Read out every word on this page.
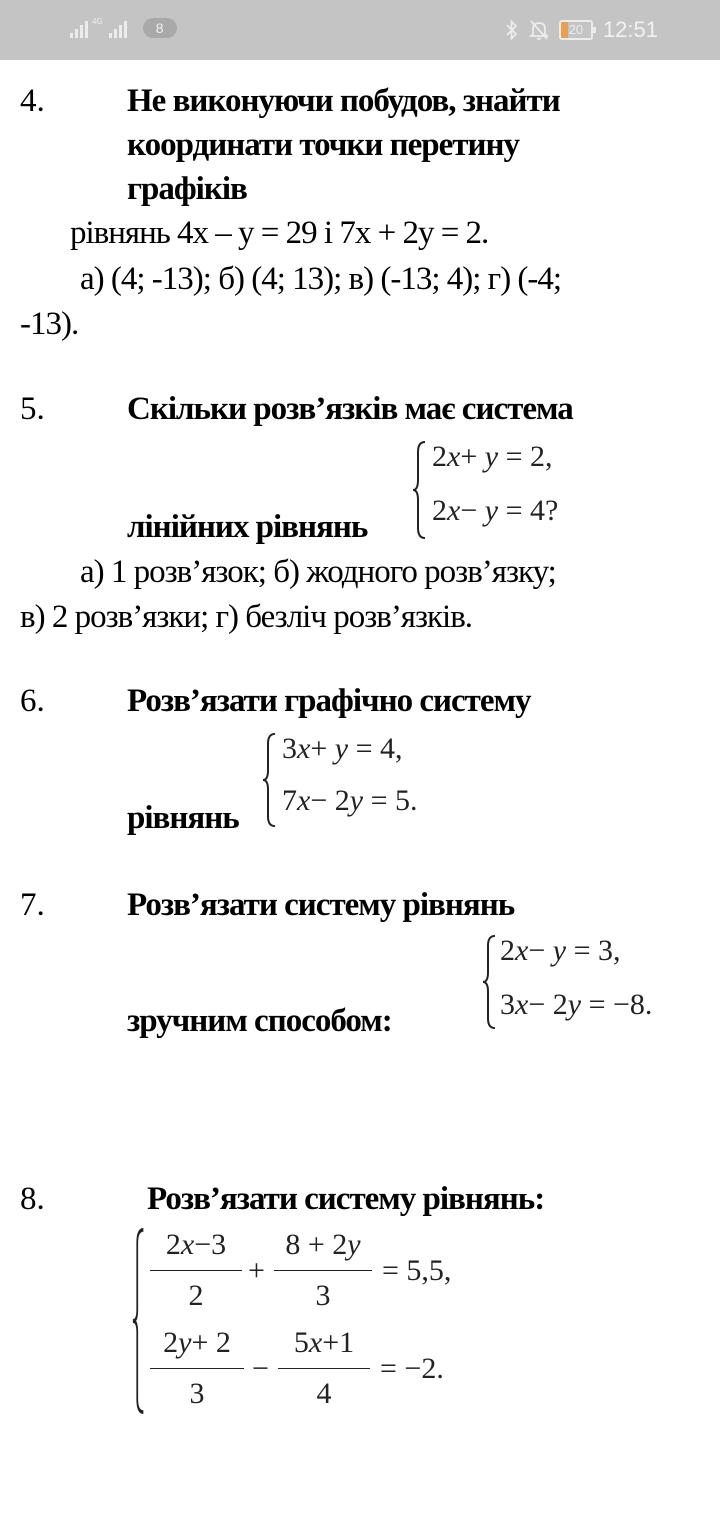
4G	8	20 12:51
4. Не виконуючи побудов, знайти
координати точки перетину
графіків
рівнянь 4х – у = 29 і 7х + 2у = 2.
а) (4; -13); б) (4; 13); в) (-13; 4); г) (-4;
-13).
5. Скільки розв’язків має система
лінійних рівнянь
2x+ y = 2,
2x− y = 4?
а) 1 розв’язок; б) жодного розв’язку;
в) 2 розв’язки; г) безліч розв’язків.
6. Розв’язати графічно систему
рівнянь
3x+ y = 4,
7x− 2y = 5.
7. Розв’язати систему рівнянь
зручним способом:
2x− y = 3,
3x− 2y = −8.
8.	Розв’язати систему рівнянь:
2x−3
2
+
8 + 2y
3
= 5,5,
2y+ 2
3
−
5x+1
4
= −2.
